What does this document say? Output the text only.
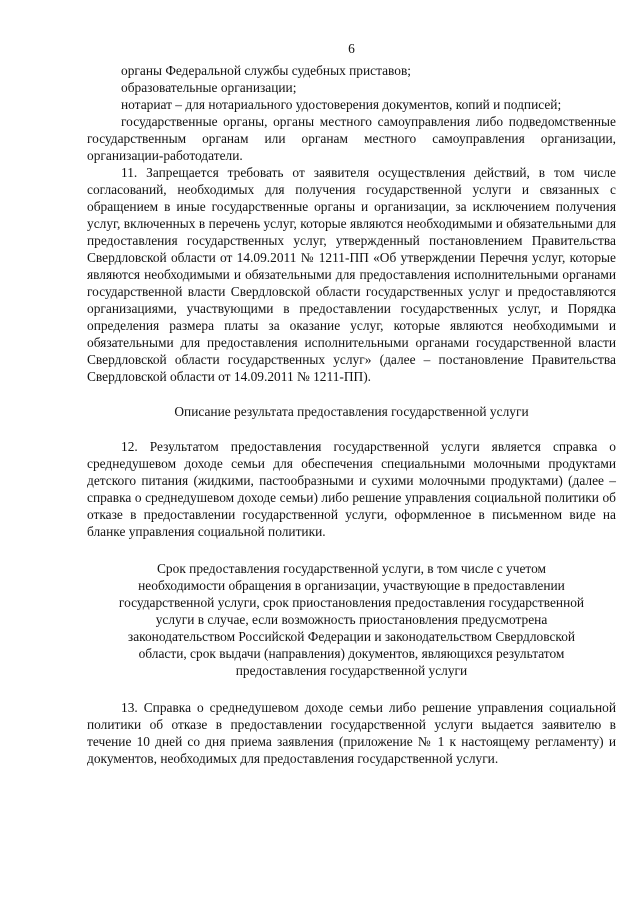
6

органы Федеральной службы судебных приставов;

образовательные организации;

нотариат – для нотариального удостоверения документов, копий и подписей;

государственные органы, органы местного самоуправления либо подведомственные государственным органам или органам местного самоуправления организации, организации-работодатели.

11. Запрещается требовать от заявителя осуществления действий, в том числе согласований, необходимых для получения государственной услуги и связанных с обращением в иные государственные органы и организации, за исключением получения услуг, включенных в перечень услуг, которые являются необходимыми и обязательными для предоставления государственных услуг, утвержденный постановлением Правительства Свердловской области от 14.09.2011 № 1211-ПП «Об утверждении Перечня услуг, которые являются необходимыми и обязательными для предоставления исполнительными органами государственной власти Свердловской области государственных услуг и предоставляются организациями, участвующими в предоставлении государственных услуг, и Порядка определения размера платы за оказание услуг, которые являются необходимыми и обязательными для предоставления исполнительными органами государственной власти Свердловской области государственных услуг» (далее – постановление Правительства Свердловской области от 14.09.2011 № 1211-ПП).

Описание результата предоставления государственной услуги

12. Результатом предоставления государственной услуги является справка о среднедушевом доходе семьи для обеспечения специальными молочными продуктами детского питания (жидкими, пастообразными и сухими молочными продуктами) (далее – справка о среднедушевом доходе семьи) либо решение управления социальной политики об отказе в предоставлении государственной услуги, оформленное в письменном виде на бланке управления социальной политики.

Срок предоставления государственной услуги, в том числе с учетом

необходимости обращения в организации, участвующие в предоставлении

государственной услуги, срок приостановления предоставления государственной

услуги в случае, если возможность приостановления предусмотрена

законодательством Российской Федерации и законодательством Свердловской

области, срок выдачи (направления) документов, являющихся результатом

предоставления государственной услуги

13. Справка о среднедушевом доходе семьи либо решение управления социальной политики об отказе в предоставлении государственной услуги выдается заявителю в течение 10 дней со дня приема заявления (приложение № 1 к настоящему регламенту) и документов, необходимых для предоставления государственной услуги.
